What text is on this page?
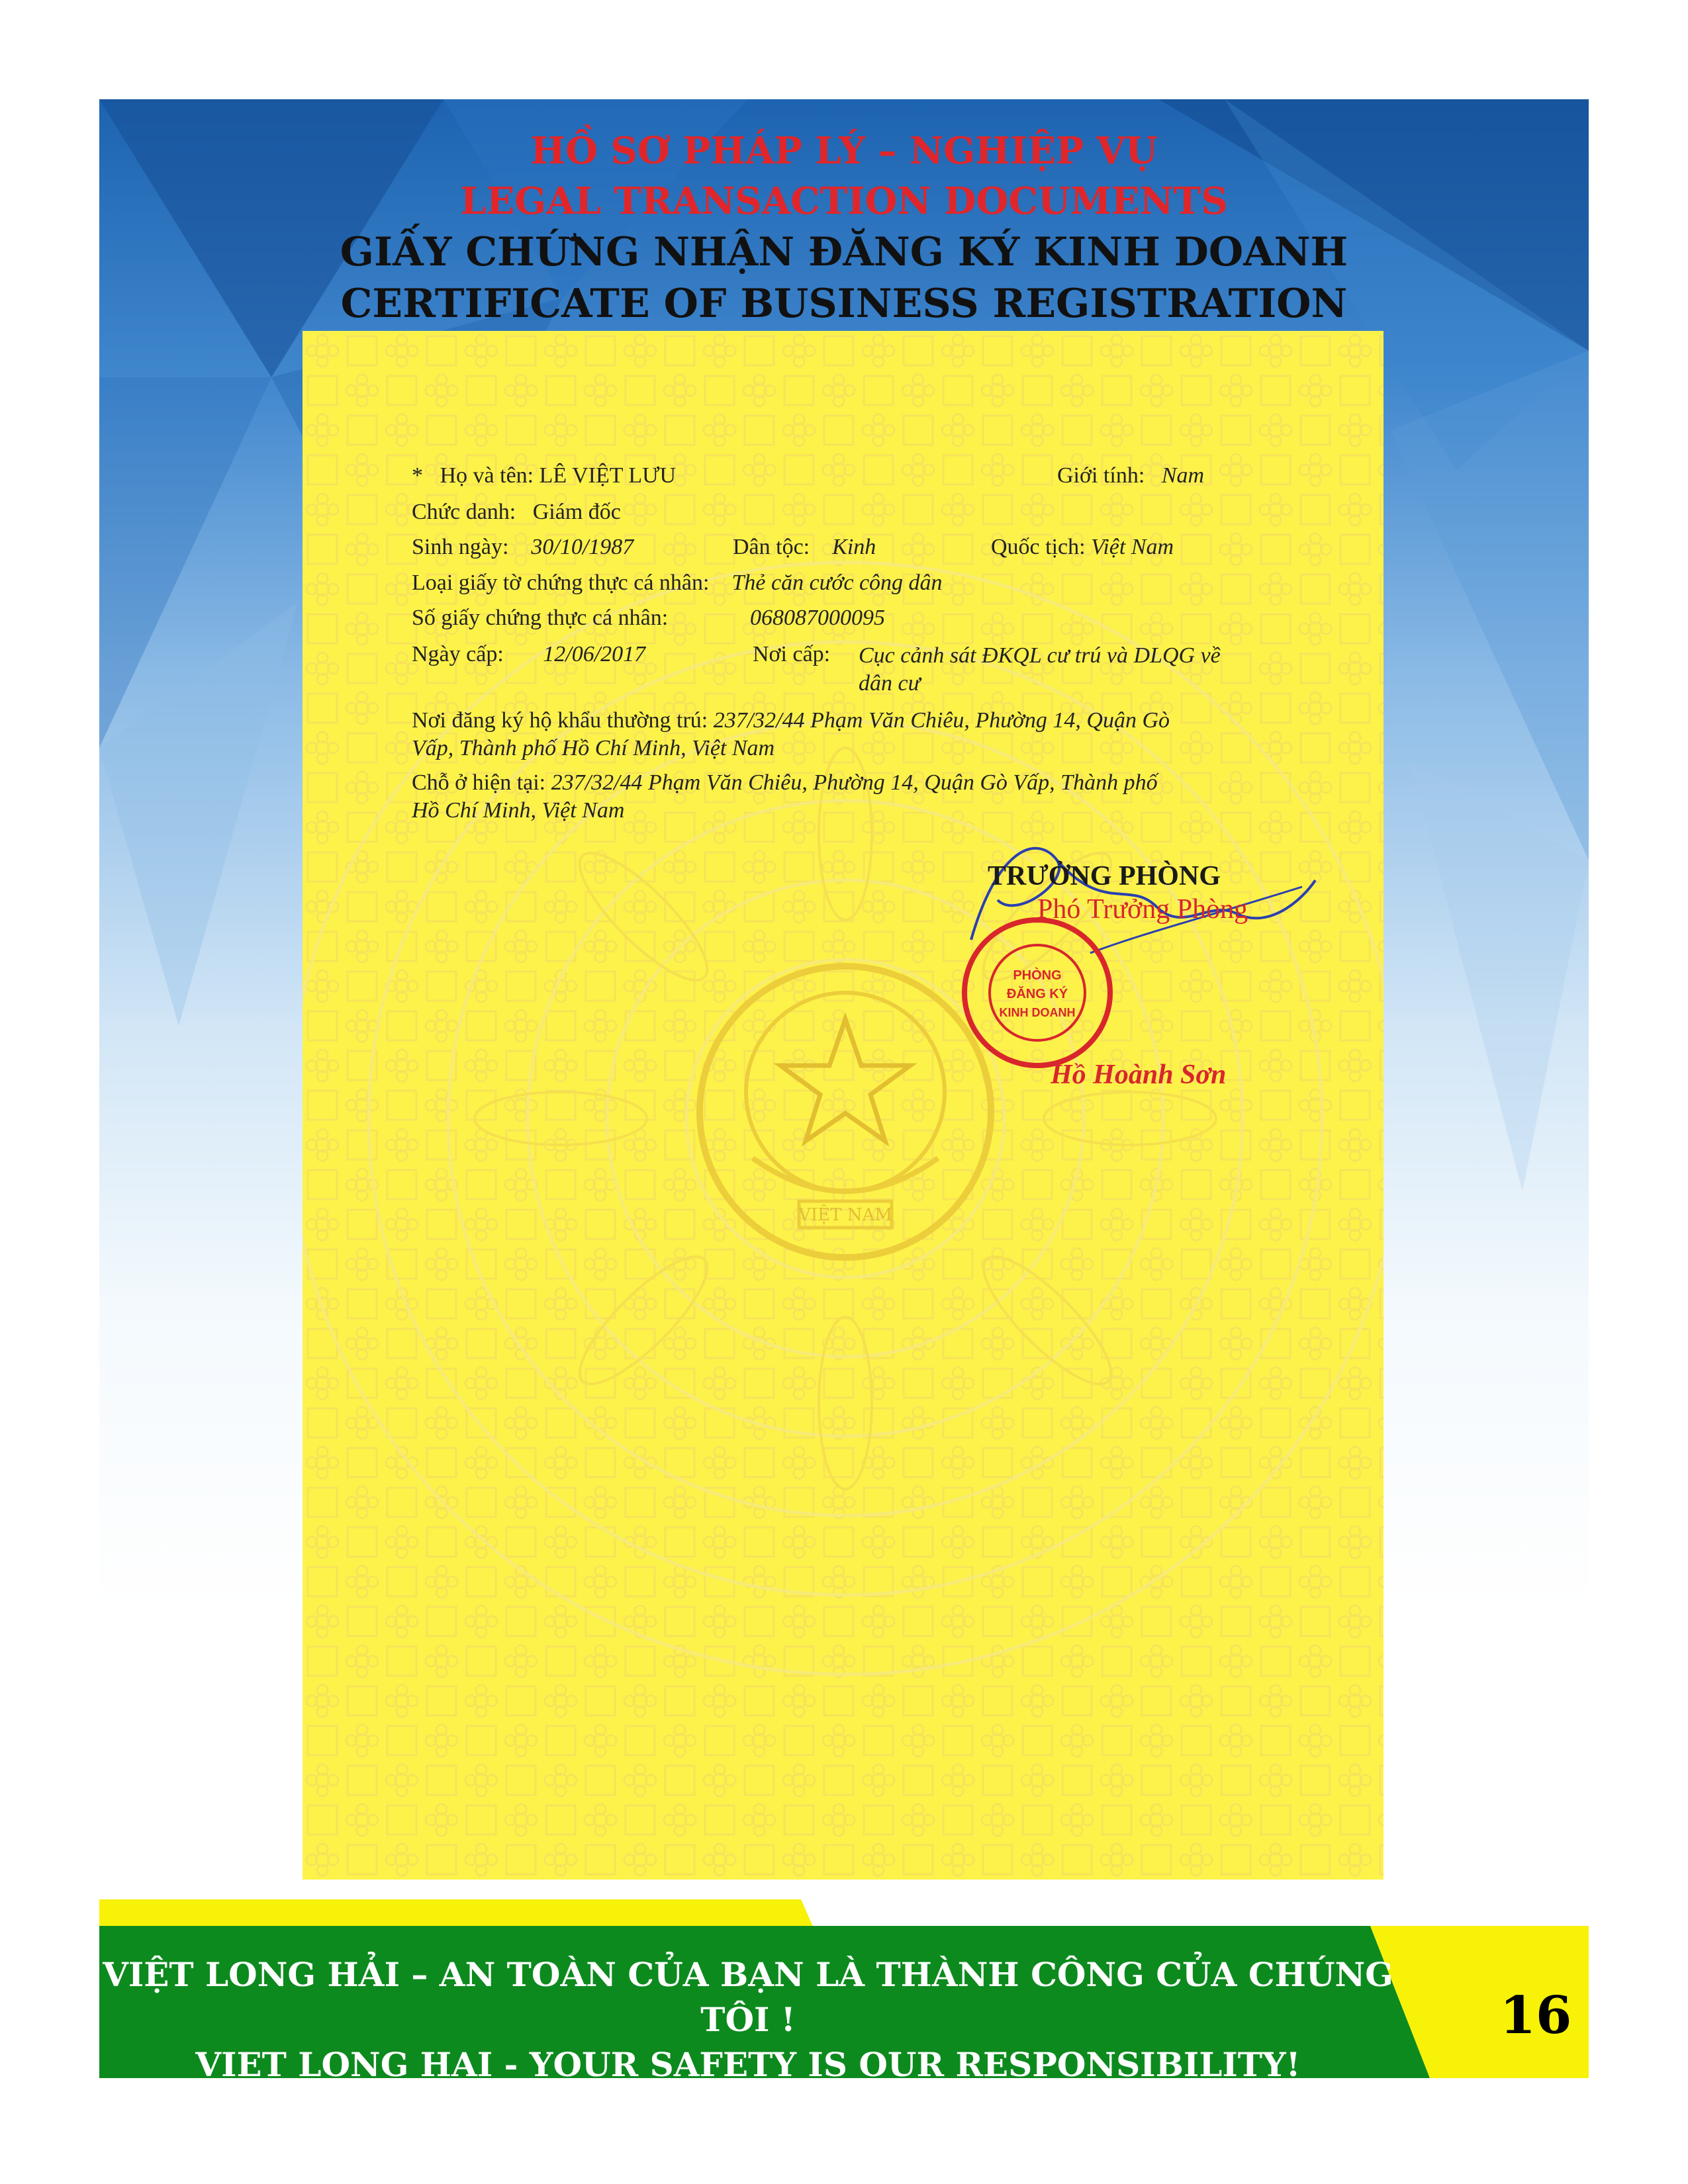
HỒ SƠ PHÁP LÝ – NGHIỆP VỤ
LEGAL TRANSACTION DOCUMENTS
GIẤY CHỨNG NHẬN ĐĂNG KÝ KINH DOANH
CERTIFICATE OF BUSINESS REGISTRATION
VIỆT NAM
* Họ và tên: LÊ VIỆT LƯU	Giới tính: Nam
Chức danh: Giám đốc
Sinh ngày: 30/10/1987	Dân tộc: Kinh	Quốc tịch: Việt Nam
Loại giấy tờ chứng thực cá nhân: Thẻ căn cước công dân
Số giấy chứng thực cá nhân:	068087000095
Ngày cấp: 12/06/2017	Nơi cấp: Cục cảnh sát ĐKQL cư trú và DLQG về
dân cư
Nơi đăng ký hộ khẩu thường trú: 237/32/44 Phạm Văn Chiêu, Phường 14, Quận Gò
Vấp, Thành phố Hồ Chí Minh, Việt Nam
Chỗ ở hiện tại: 237/32/44 Phạm Văn Chiêu, Phường 14, Quận Gò Vấp, Thành phố
Hồ Chí Minh, Việt Nam
TRƯỞNG PHÒNG
Phó Trưởng Phòng
PHÒNG
ĐĂNG KÝ
KINH DOANH
Hồ Hoành Sơn
VIỆT LONG HẢI – AN TOÀN CỦA BẠN LÀ THÀNH CÔNG CỦA CHÚNG TÔI !
VIET LONG HAI - YOUR SAFETY IS OUR RESPONSIBILITY!
16
